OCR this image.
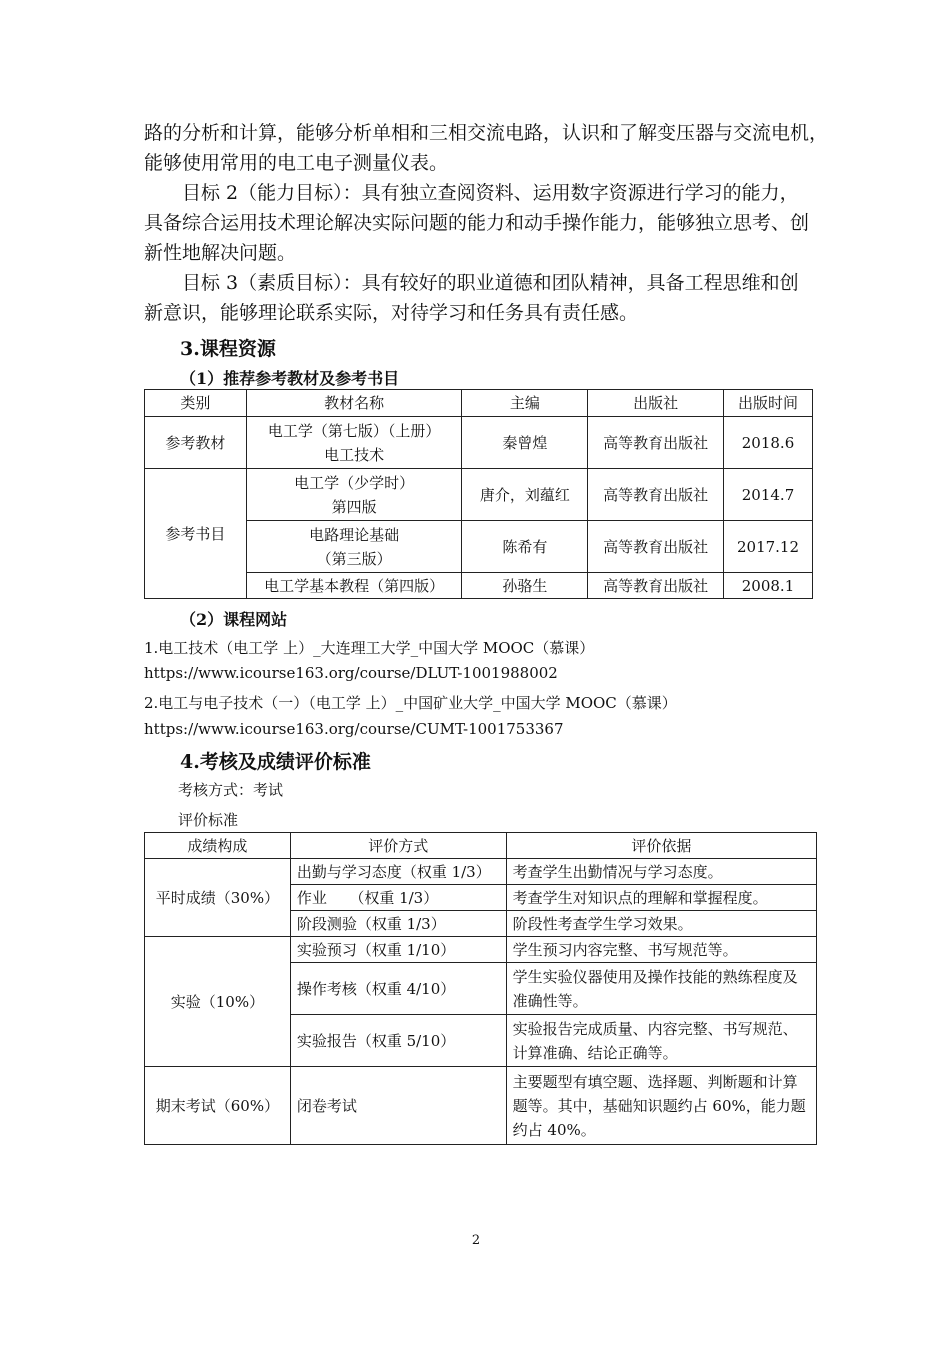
路的分析和计算，能够分析单相和三相交流电路，认识和了解变压器与交流电机，
能够使用常用的电工电子测量仪表。
目标 2（能力目标）：具有独立查阅资料、运用数字资源进行学习的能力，
具备综合运用技术理论解决实际问题的能力和动手操作能力，能够独立思考、创
新性地解决问题。
目标 3（素质目标）：具有较好的职业道德和团队精神，具备工程思维和创
新意识，能够理论联系实际，对待学习和任务具有责任感。
3.课程资源
（1）推荐参考教材及参考书目
类别	教材名称	主编	出版社	出版时间
参考教材	电工学（第七版）（上册）
电工技术	秦曾煌	高等教育出版社	2018.6
参考书目	电工学（少学时）
第四版	唐介，刘蕴红	高等教育出版社	2014.7

	电路理论基础
（第三版）	陈希有	高等教育出版社	2017.12
	电工学基本教程（第四版）	孙骆生	高等教育出版社	2008.1
（2）课程网站
1.电工技术（电工学 上）_大连理工大学_中国大学 MOOC（慕课）
https://www.icourse163.org/course/DLUT-1001988002
2.电工与电子技术（一）（电工学 上）_中国矿业大学_中国大学 MOOC（慕课）
https://www.icourse163.org/course/CUMT-1001753367
4.考核及成绩评价标准
考核方式：考试
评价标准
成绩构成	评价方式	评价依据
平时成绩（30%）	出勤与学习态度（权重 1/3）	考查学生出勤情况与学习态度。
	作业　　（权重 1/3）	考查学生对知识点的理解和掌握程度。
	阶段测验（权重 1/3）	阶段性考查学生学习效果。
实验（10%）	实验预习（权重 1/10）	学生预习内容完整、书写规范等。
	操作考核（权重 4/10）	学生实验仪器使用及操作技能的熟练程度及准确性等。
	实验报告（权重 5/10）	实验报告完成质量、内容完整、书写规范、计算准确、结论正确等。
期末考试（60%）	闭卷考试	主要题型有填空题、选择题、判断题和计算题等。其中，基础知识题约占 60%，能力题约占 40%。
2
